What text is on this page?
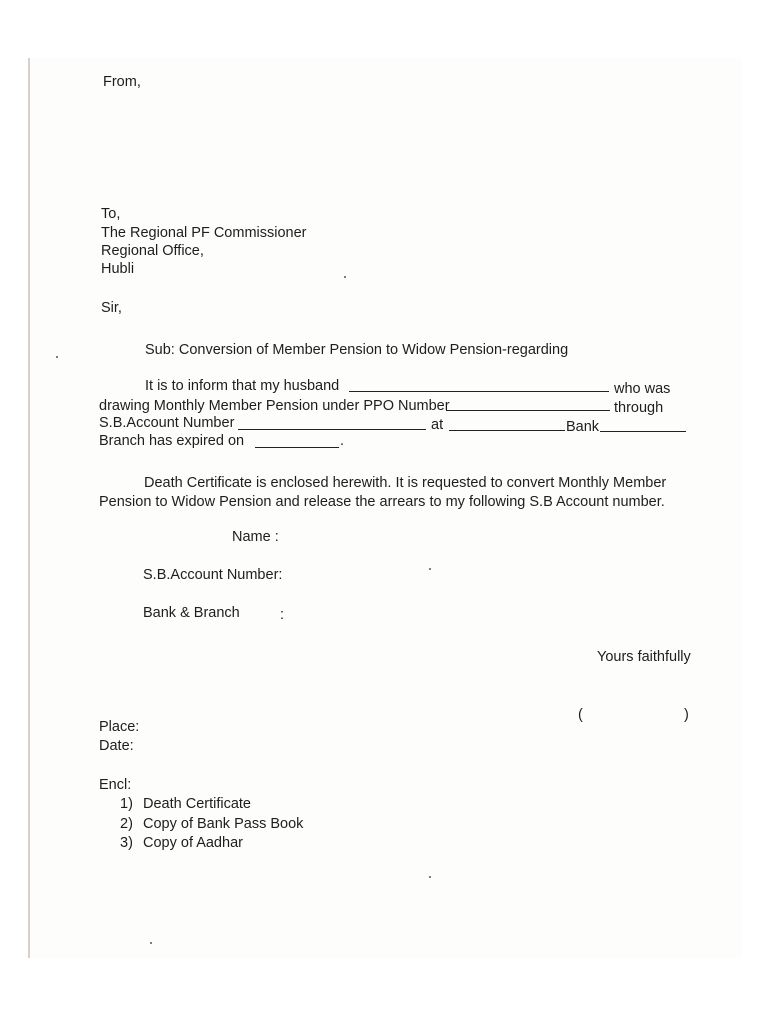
From,
To,
The Regional PF Commissioner
Regional Office,
Hubli
Sir,
Sub: Conversion of Member Pension to Widow Pension-regarding
It is to inform that my husband	who was
drawing Monthly Member Pension under PPO Number	through
S.B.Account Number	at	Bank
Branch has expired on	.
Death Certificate is enclosed herewith. It is requested to convert Monthly Member
Pension to Widow Pension and release the arrears to my following S.B Account number.
Name :
S.B.Account Number:
Bank & Branch	:
Yours faithfully
(	)
Place:
Date:
Encl:
1) Death Certificate
2) Copy of Bank Pass Book
3) Copy of Aadhar
